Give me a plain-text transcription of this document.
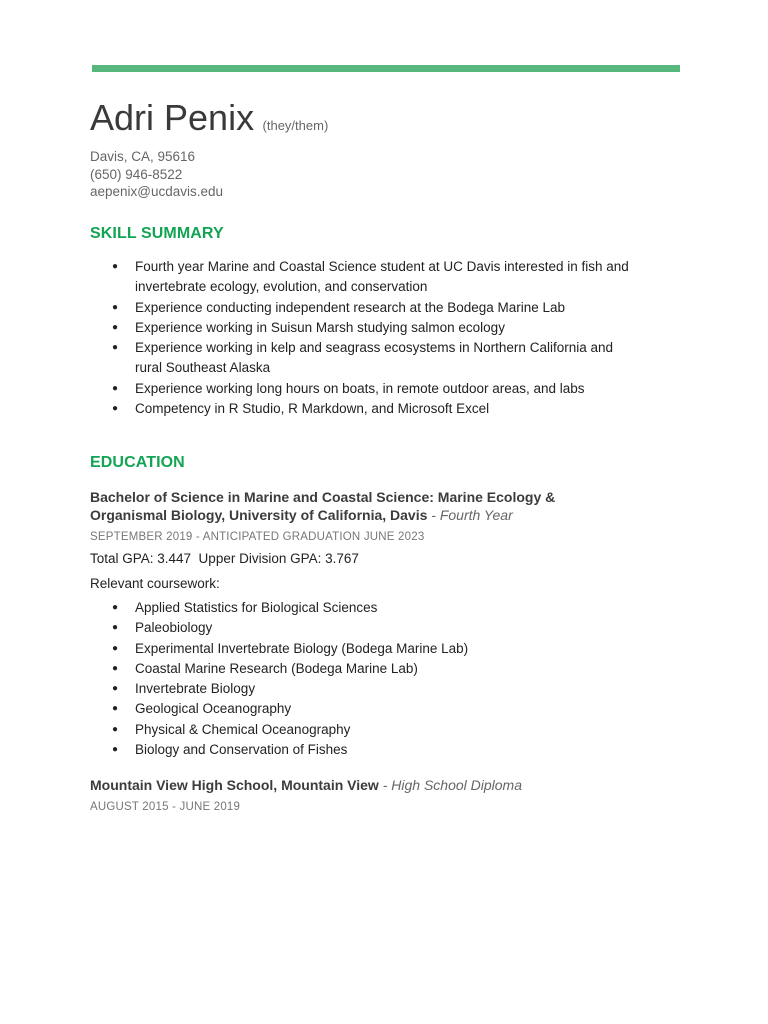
Adri Penix (they/them)
Davis, CA, 95616
(650) 946-8522
aepenix@ucdavis.edu
SKILL SUMMARY
● Fourth year Marine and Coastal Science student at UC Davis interested in fish and invertebrate ecology, evolution, and conservation
● Experience conducting independent research at the Bodega Marine Lab
● Experience working in Suisun Marsh studying salmon ecology
● Experience working in kelp and seagrass ecosystems in Northern California and rural Southeast Alaska
● Experience working long hours on boats, in remote outdoor areas, and labs
● Competency in R Studio, R Markdown, and Microsoft Excel
EDUCATION
Bachelor of Science in Marine and Coastal Science: Marine Ecology & Organismal Biology, University of California, Davis - Fourth Year
SEPTEMBER 2019 - ANTICIPATED GRADUATION JUNE 2023
Total GPA: 3.447  Upper Division GPA: 3.767
Relevant coursework:
● Applied Statistics for Biological Sciences
● Paleobiology
● Experimental Invertebrate Biology (Bodega Marine Lab)
● Coastal Marine Research (Bodega Marine Lab)
● Invertebrate Biology
● Geological Oceanography
● Physical & Chemical Oceanography
● Biology and Conservation of Fishes
Mountain View High School, Mountain View - High School Diploma
AUGUST 2015 - JUNE 2019
